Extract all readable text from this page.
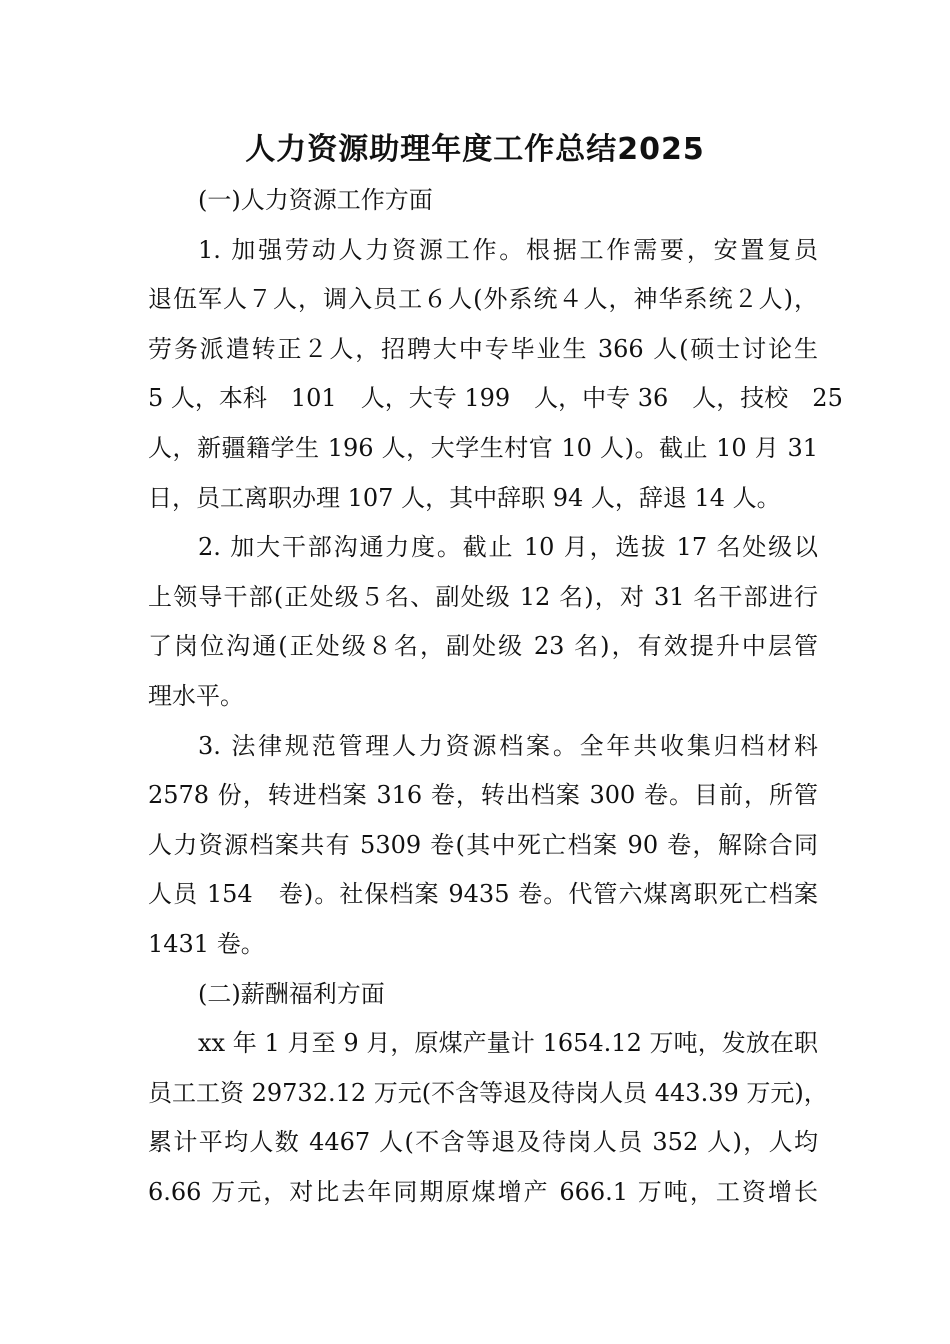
人力资源助理年度工作总结2025
(一)人力资源工作方面
1. 加强劳动人力资源工作。根据工作需要，安置复员
退伍军人７人，调入员工６人(外系统４人，神华系统２人)，
劳务派遣转正２人，招聘大中专毕业生 366 人(硕士讨论生
5 人，本科　101　人，大专 199　人，中专 36　人，技校　25
人，新疆籍学生 196 人，大学生村官 10 人)。截止 10 月 31
日，员工离职办理 107 人，其中辞职 94 人，辞退 14 人。
2. 加大干部沟通力度。截止 10 月，选拔 17 名处级以
上领导干部(正处级５名、副处级 12 名)，对 31 名干部进行
了岗位沟通(正处级８名，副处级 23 名)，有效提升中层管
理水平。
3. 法律规范管理人力资源档案。全年共收集归档材料
2578 份，转进档案 316 卷，转出档案 300 卷。目前，所管
人力资源档案共有 5309 卷(其中死亡档案 90 卷，解除合同
人员 154　卷)。社保档案 9435 卷。代管六煤离职死亡档案
1431 卷。
(二)薪酬福利方面
xx 年 1 月至 9 月，原煤产量计 1654.12 万吨，发放在职
员工工资 29732.12 万元(不含等退及待岗人员 443.39 万元)，
累计平均人数 4467 人(不含等退及待岗人员 352 人)，人均
6.66 万元，对比去年同期原煤增产 666.1 万吨，工资增长
